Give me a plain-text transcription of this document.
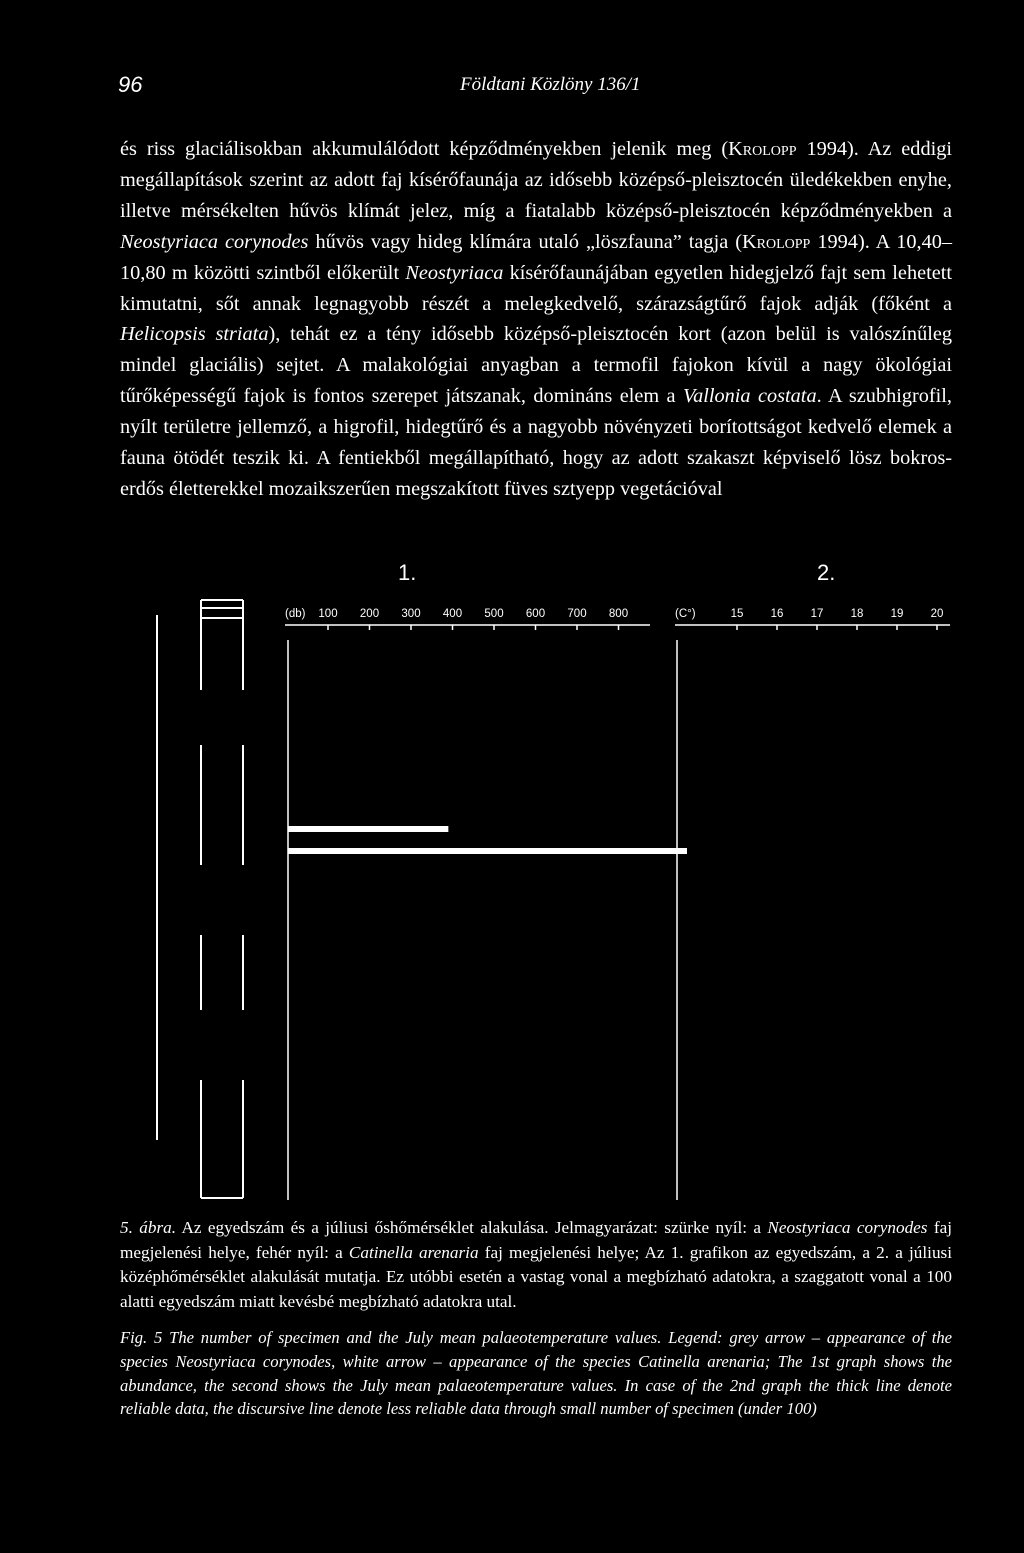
96	Földtani Közlöny 136/1

és riss glaciálisokban akkumulálódott képződményekben jelenik meg (Krolopp 1994). Az eddigi megállapítások szerint az adott faj kísérőfaunája az idősebb középső-pleisztocén üledékekben enyhe, illetve mérsékelten hűvös klímát jelez, míg a fiatalabb középső-pleisztocén képződményekben a Neostyriaca corynodes hűvös vagy hideg klímára utaló „löszfauna” tagja (Krolopp 1994). A 10,40–10,80 m közötti szintből előkerült Neostyriaca kísérőfaunájában egyetlen hidegjelző fajt sem lehetett kimutatni, sőt annak legnagyobb részét a melegkedvelő, szárazságtűrő fajok adják (főként a Helicopsis striata), tehát ez a tény idősebb középső-pleisztocén kort (azon belül is valószínűleg mindel glaciális) sejtet. A malakológiai anyagban a termofil fajokon kívül a nagy ökológiai tűrőképességű fajok is fontos szerepet játszanak, domináns elem a Vallonia costata. A szubhigrofil, nyílt területre jellemző, a higrofil, hidegtűrő és a nagyobb növényzeti borítottságot kedvelő elemek a fauna ötödét teszik ki. A fentiekből megállapítható, hogy az adott szakaszt képviselő lösz bokros-erdős életterekkel mozaikszerűen megszakított füves sztyepp vegetációval

1.
(db) 100 200 300 400 500 600 700 800
2.
(C°)	15 16 17 18 19 20

5. ábra. Az egyedszám és a júliusi őshőmérséklet alakulása. Jelmagyarázat: szürke nyíl: a Neostyriaca corynodes faj megjelenési helye, fehér nyíl: a Catinella arenaria faj megjelenési helye; Az 1. grafikon az egyedszám, a 2. a júliusi középhőmérséklet alakulását mutatja. Ez utóbbi esetén a vastag vonal a megbízható adatokra, a szaggatott vonal a 100 alatti egyedszám miatt kevésbé megbízható adatokra utal.

Fig. 5 The number of specimen and the July mean palaeotemperature values. Legend: grey arrow – appearance of the species Neostyriaca corynodes, white arrow – appearance of the species Catinella arenaria; The 1st graph shows the abundance, the second shows the July mean palaeotemperature values. In case of the 2nd graph the thick line denote reliable data, the discursive line denote less reliable data through small number of specimen (under 100)
